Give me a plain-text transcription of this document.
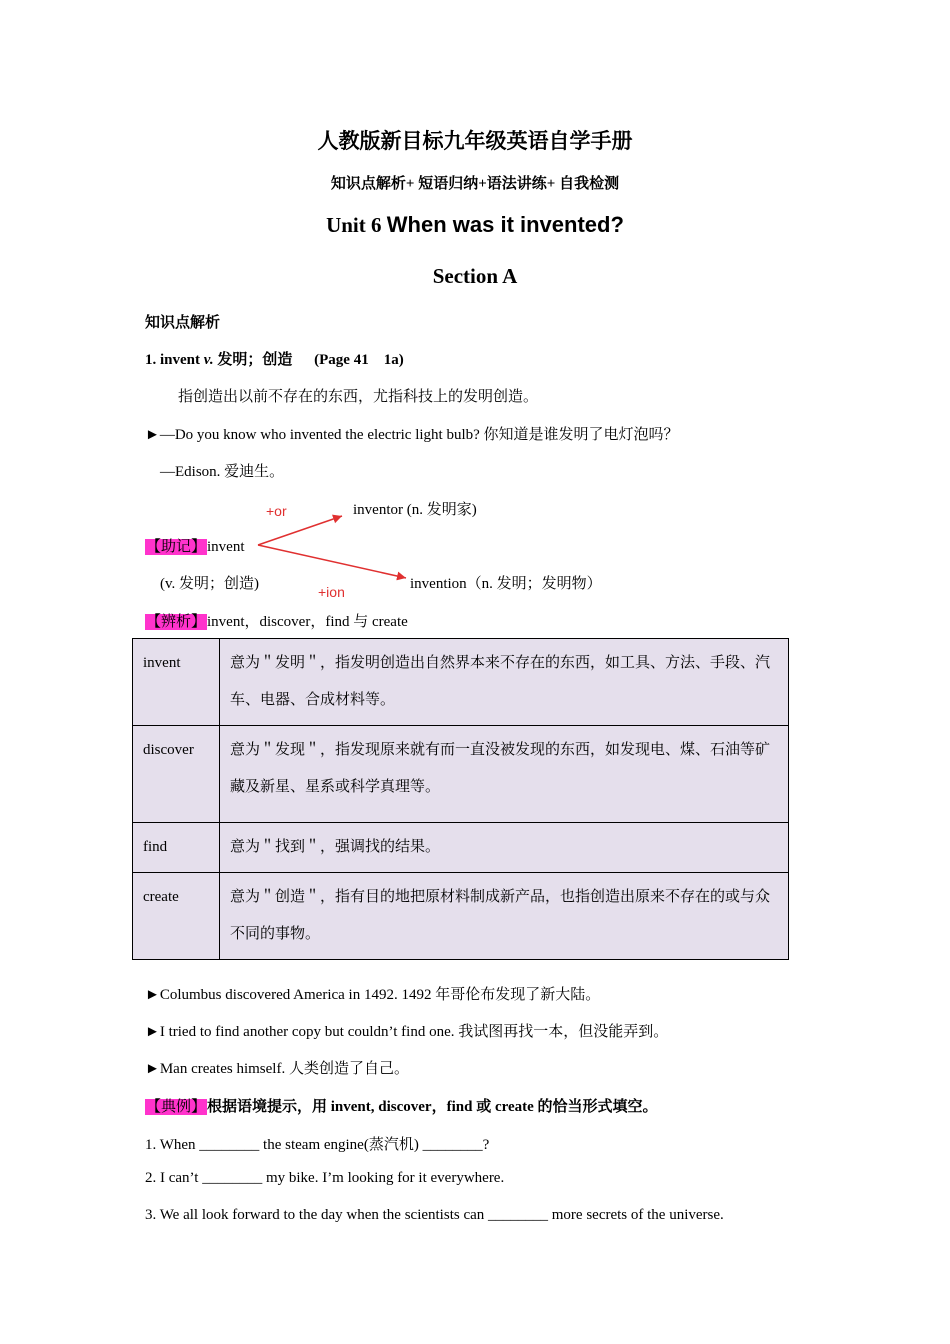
人教版新目标九年级英语自学手册
知识点解析+ 短语归纳+语法讲练+ 自我检测
Unit 6 When was it invented?
Section A
知识点解析
1. invent v. 发明；创造 (Page 41　1a)
指创造出以前不存在的东西，尤指科技上的发明创造。
►—Do you know who invented the electric light bulb? 你知道是谁发明了电灯泡吗？
—Edison. 爱迪生。
+or	inventor (n. 发明家)
【助记】invent
(v. 发明；创造)	invention（n. 发明；发明物）
+ion
【辨析】invent，discover，find 与 create
invent	意为＂发明＂，指发明创造出自然界本来不存在的东西，如工具、方法、手段、汽车、电器、合成材料等。
discover	意为＂发现＂，指发现原来就有而一直没被发现的东西，如发现电、煤、石油等矿藏及新星、星系或科学真理等。
find	意为＂找到＂，强调找的结果。
create	意为＂创造＂，指有目的地把原材料制成新产品，也指创造出原来不存在的或与众不同的事物。
►Columbus discovered America in 1492. 1492 年哥伦布发现了新大陆。
►I tried to find another copy but couldn’t find one. 我试图再找一本，但没能弄到。
►Man creates himself. 人类创造了自己。
【典例】根据语境提示，用 invent, discover，find 或 create 的恰当形式填空。
1. When ________ the steam engine(蒸汽机) ________?
2. I can’t ________ my bike. I’m looking for it everywhere.
3. We all look forward to the day when the scientists can ________ more secrets of the universe.
